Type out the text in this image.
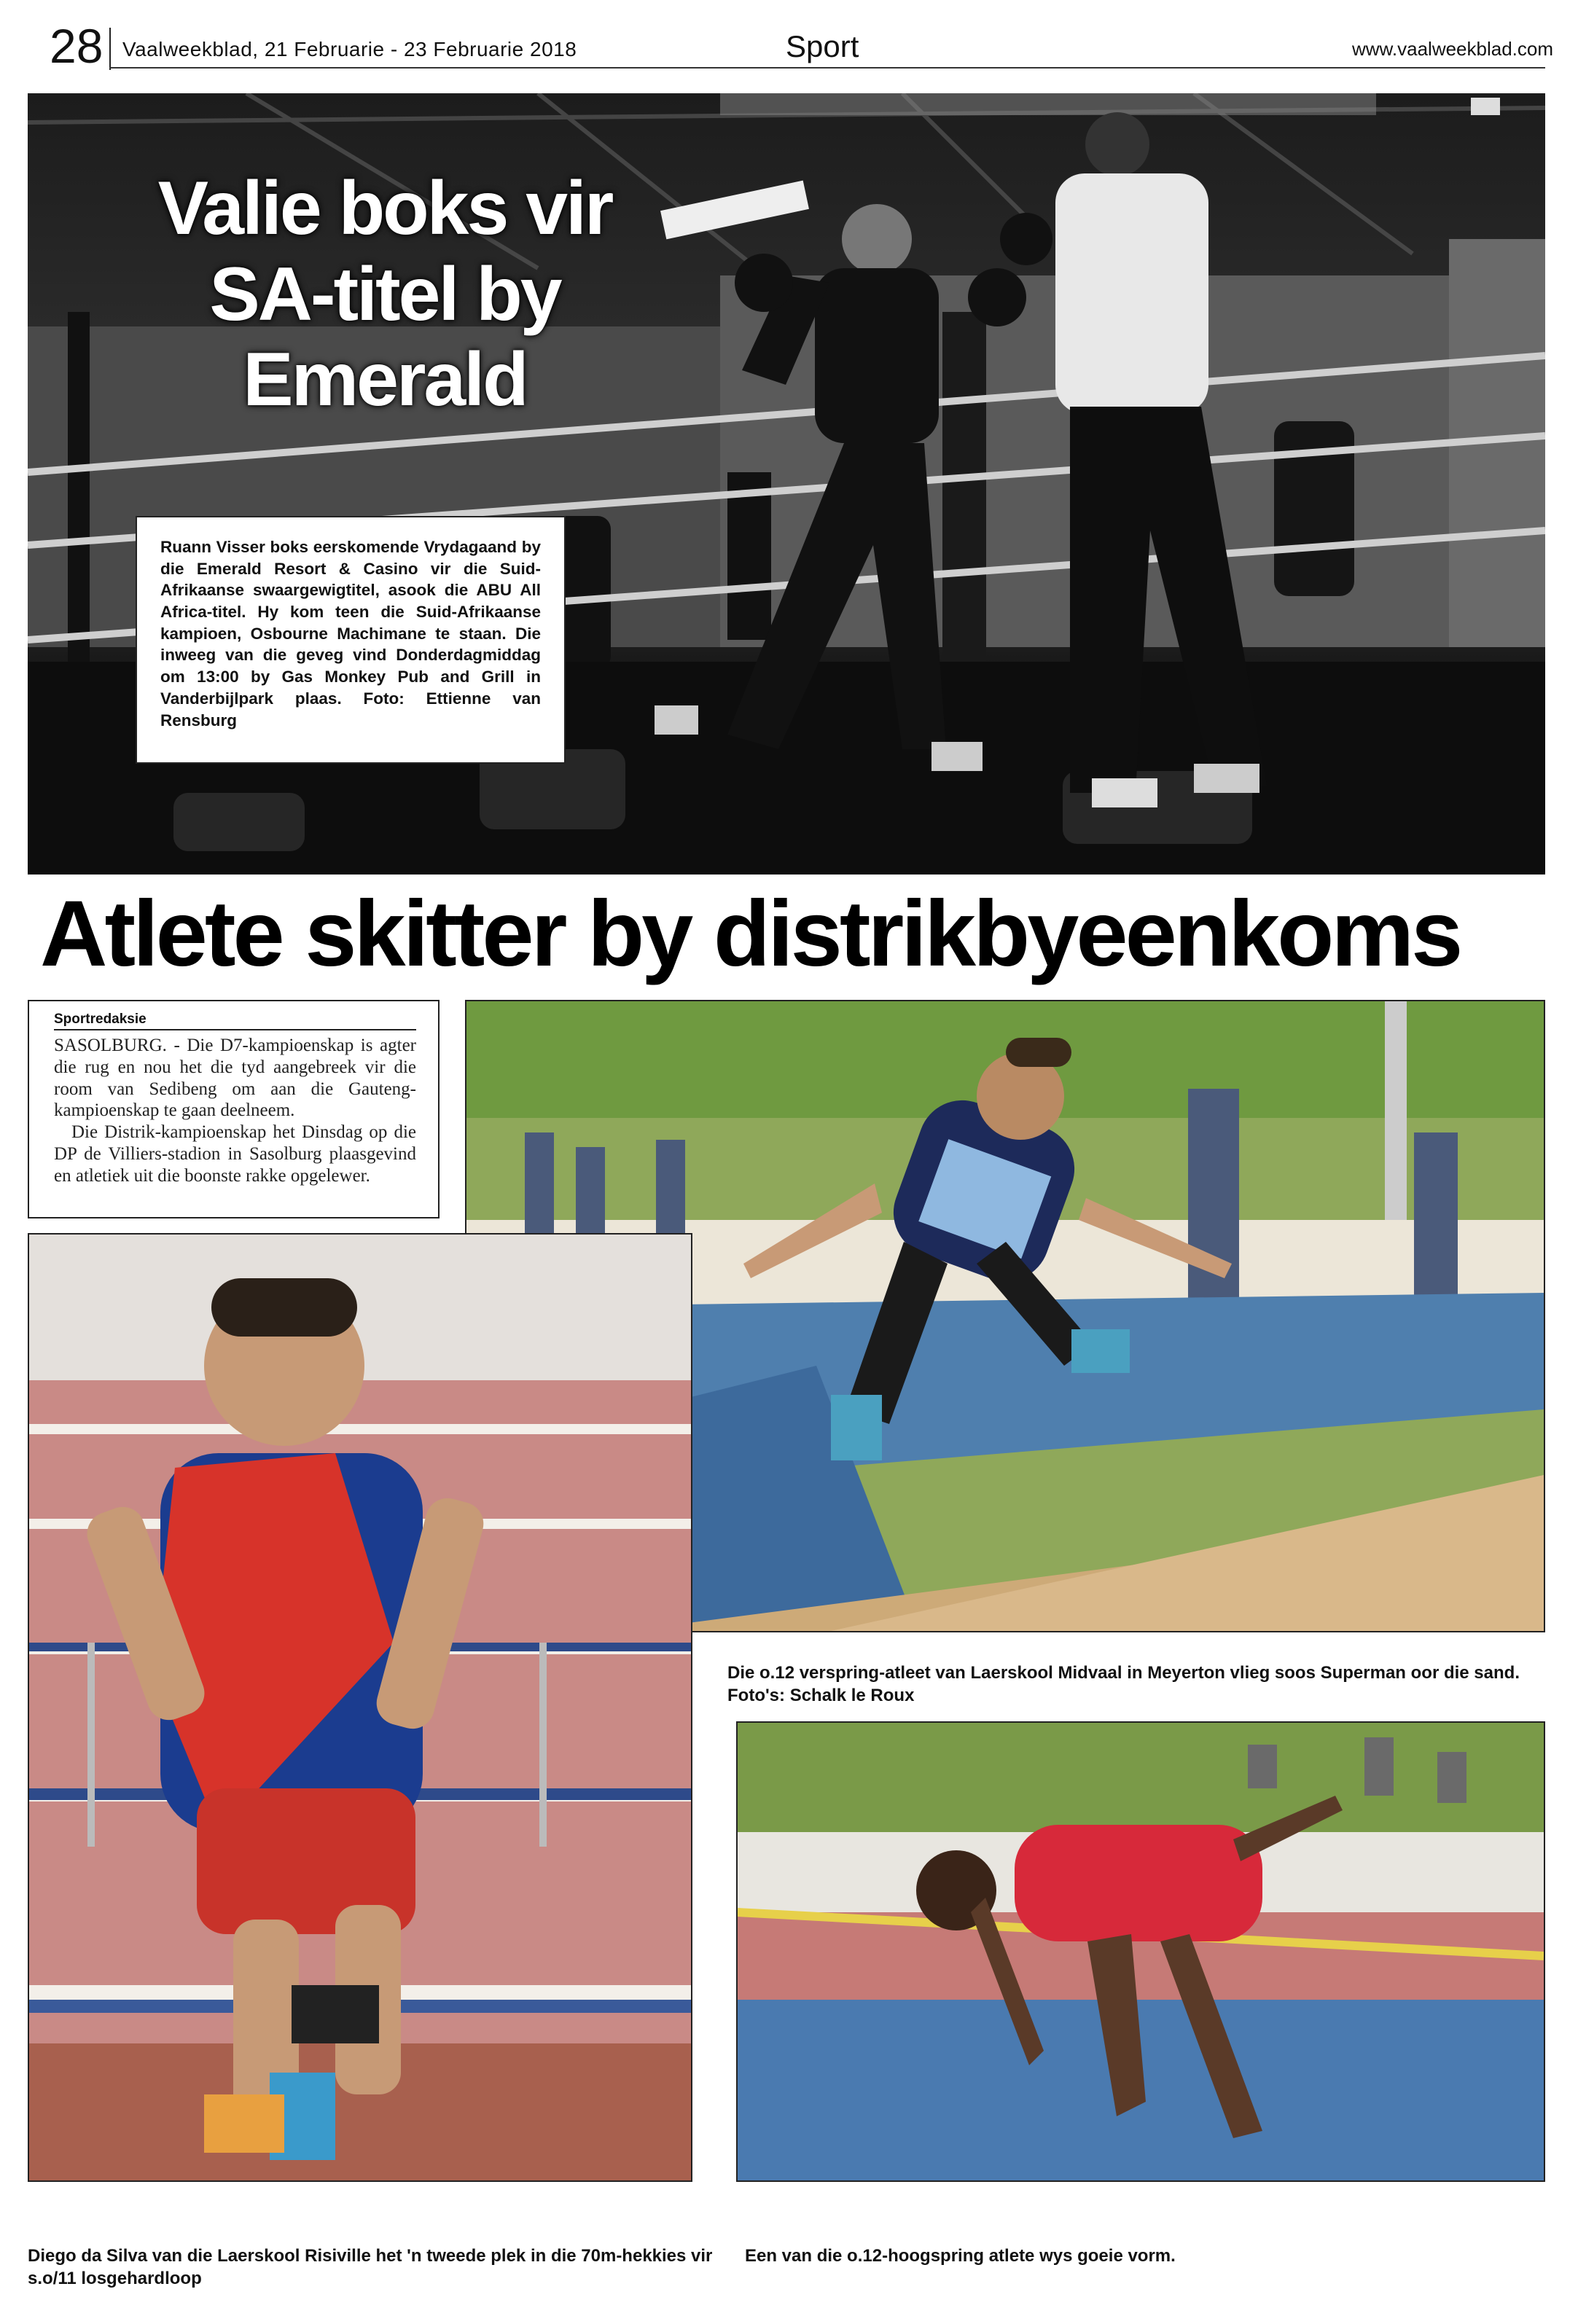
28 Vaalweekblad, 21 Februarie - 23 Februarie 2018	Sport	www.vaalweekblad.com
Valie boks vir
SA-titel by
Emerald
Ruann Visser boks eerskomende Vrydagaand by die Emerald Resort & Casino vir die Suid-Afrikaanse swaargewigtitel, asook die ABU All Africa-titel. Hy kom teen die Suid-Afrikaanse kampioen, Osbourne Machimane te staan. Die inweeg van die geveg vind Donderdagmiddag om 13:00 by Gas Monkey Pub and Grill in Vanderbijlpark plaas. Foto: Ettienne van Rensburg
Atlete skitter by distrikbyeenkoms
Sportredaksie

SASOLBURG. - Die D7-kampioenskap is agter die rug en nou het die tyd aangebreek vir die room van Sedibeng om aan die Gauteng-kampioenskap te gaan deelneem.

Die Distrik-kampioenskap het Dinsdag op die DP de Villiers-stadion in Sasolburg plaasgevind en atletiek uit die boonste rakke opgelewer.

Die o.12 verspring-atleet van Laerskool Midvaal in Meyerton vlieg soos Superman oor die sand. Foto's: Schalk le Roux
Diego da Silva van die Laerskool Risiville het 'n tweede plek in die 70m-hekkies vir s.o/11 losgehardloop
Een van die o.12-hoogspring atlete wys goeie vorm.
